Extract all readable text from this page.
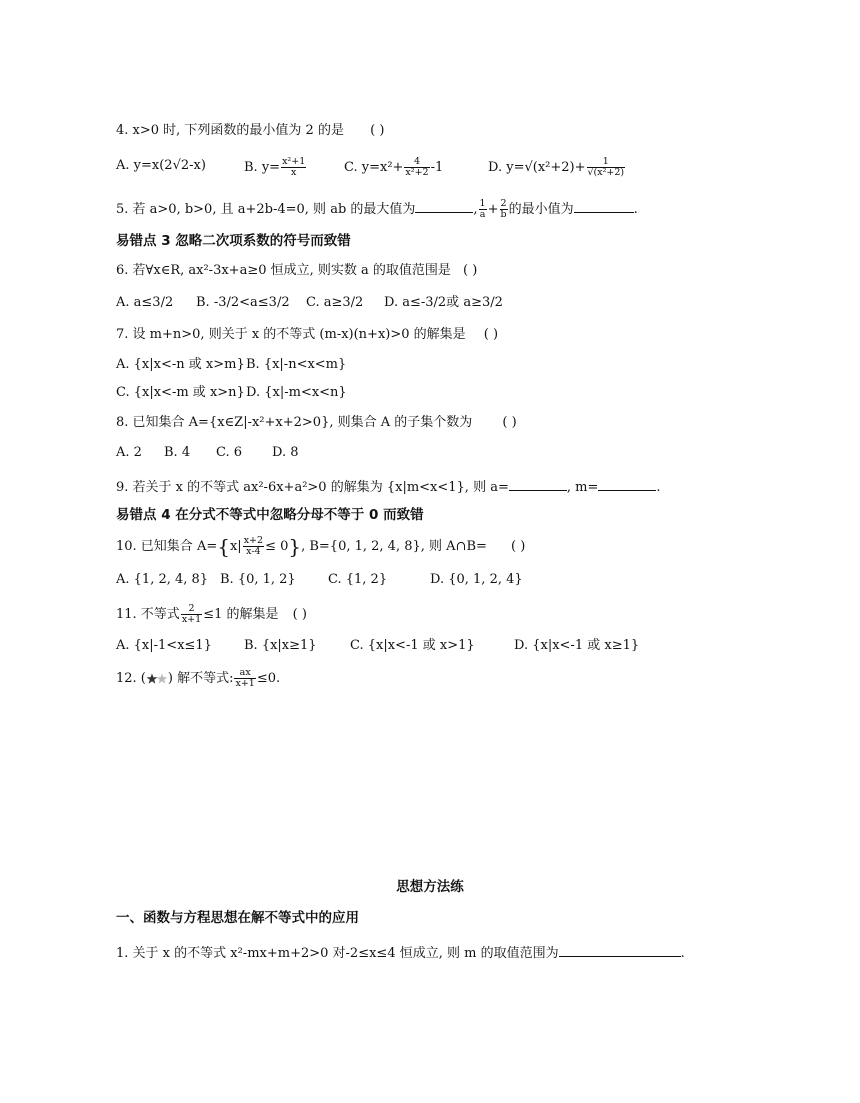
4. x>0 时, 下列函数的最小值为 2 的是 ( )
A. y=x(2√2-x)	B. $y= \frac{\text{x²+1}}{x}$	C. $y=x^2+ \frac{4}{\text{x²+2}} -1$	D. $y=√(x^2+2)+ \frac{1}{\text{√(x²+2)}}$
5. 若 a>0, b>0, 且 a+2b-4=0, 则 ab 的最大值为	, $\frac{1}{a} + \frac{2}{b}$ 的最小值为	.
易错点 3 忽略二次项系数的符号而致错
6. 若∀x∈R, ax²-3x+a≥0 恒成立, 则实数 a 的取值范围是 ( )
A. a≤3/2 B. -3/2<a≤3/2 C. a≥3/2 D. a≤-3/2或 a≥3/2
7. 设 m+n>0, 则关于 x 的不等式 (m-x)(n+x)>0 的解集是 ( )
A. {x|x<-n 或 x>m} B. {x|-n<x<m}
C. {x|x<-m 或 x>n} D. {x|-m<x<n}
8. 已知集合 A={x∈Z|-x²+x+2>0}, 则集合 A 的子集个数为 ( )
A. 2 B. 4 C. 6 D. 8
9. 若关于 x 的不等式 ax²-6x+a²>0 的解集为 {x|m<x<1}, 则 a=	, m=	.
易错点 4 在分式不等式中忽略分母不等于 0 而致错
10. 已知集合 $A=\{x| \frac{x+2}{x-4} \le 0\}$, B={0, 1, 2, 4, 8}, 则 A∩B= ( )
A. {1, 2, 4, 8} B. {0, 1, 2} C. {1, 2}	D. {0, 1, 2, 4}
11. 不等式 $\frac{2}{x+1} \le 1$ 的解集是 ( )
A. {x|-1<x≤1} B. {x|x≥1}	C. {x|x<-1 或 x>1}	D. {x|x<-1 或 x≥1}
12. ( ) 解不等式: $\frac{ax}{x+1} \le 0$.
思想方法练
一、函数与方程思想在解不等式中的应用
1. 关于 x 的不等式 x²-mx+m+2>0 对-2≤x≤4 恒成立, 则 m 的取值范围为	.
